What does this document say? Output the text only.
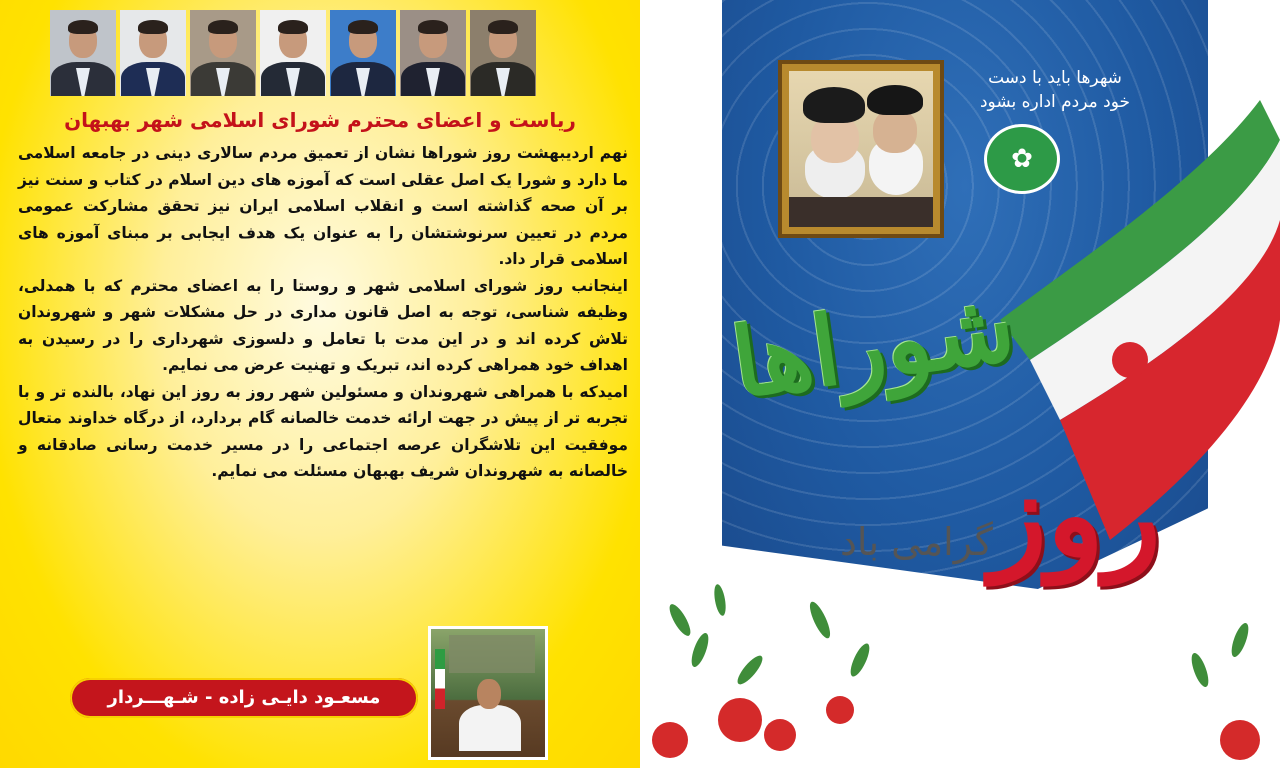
ریاست و اعضای محترم شورای اسلامی شهر بهبهان

نهم اردیبهشت روز شوراها نشان از تعمیق مردم سالاری دینی در جامعه اسلامی ما دارد و شورا یک اصل عقلی است که آموزه های دین اسلام در کتاب و سنت نیز بر آن صحه گذاشته است و انقلاب اسلامی ایران نیز تحقق مشارکت عمومی مردم در تعیین سرنوشتشان را به عنوان یک هدف ایجابی بر مبنای آموزه های اسلامی قرار داد.

اینجانب روز شورای اسلامی شهر و روستا را به اعضای محترم که با همدلی، وظیفه شناسی، توجه به اصل قانون مداری در حل مشکلات شهر و شهروندان تلاش کرده اند و در این مدت با تعامل و دلسوزی شهرداری را در رسیدن به اهداف خود همراهی کرده اند، تبریک و تهنیت عرض می نمایم.

امیدکه با همراهی شهروندان و مسئولین شهر روز به روز این نهاد، بالنده تر و با تجربه تر از پیش در جهت ارائه خدمت خالصانه گام بردارد، از درگاه خداوند متعال موفقیت این تلاشگران عرصه اجتماعی را در مسیر خدمت رسانی صادقانه و خالصانه به شهروندان شریف بهبهان مسئلت می نمایم.

مسعـود دایـی زاده - شـهـــردار
شهرها باید با دست
خود مردم اداره بشود
✿
شوراها
روز
گرامی باد
